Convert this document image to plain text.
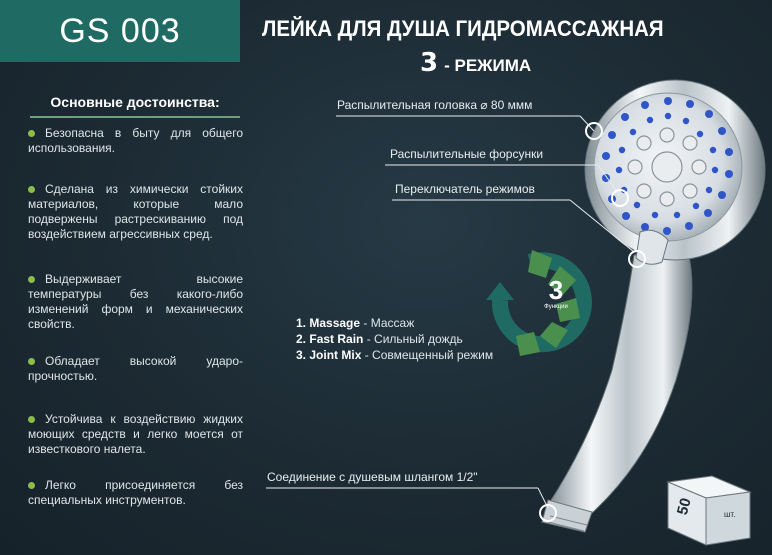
GS 003	ЛЕЙКА ДЛЯ ДУША ГИДРОМАССАЖНАЯ
3 - РЕЖИМА
Основные достоинства:
Безопасна в быту для общего использования.
Сделана из химически стойких материалов, которые мало подвержены растрескиванию под воздействием агрессивных сред.
Выдерживает высокие температуры без какого-либо изменений форм и механических свойств.
Обладает высокой ударо-прочностью.
Устойчива к воздействию жидких моющих средств и легко моется от известкового налета.
Легко присоединяется без специальных инструментов.
Распылительная головка ⌀ 80 ммм
Распылительные форсунки
Переключатель режимов
Соединение с душевым шлангом 1/2"
3
Функции
1. Massage - Массаж
2. Fast Rain - Сильный дождь
3. Joint Mix - Совмещенный режим
50	шт.
